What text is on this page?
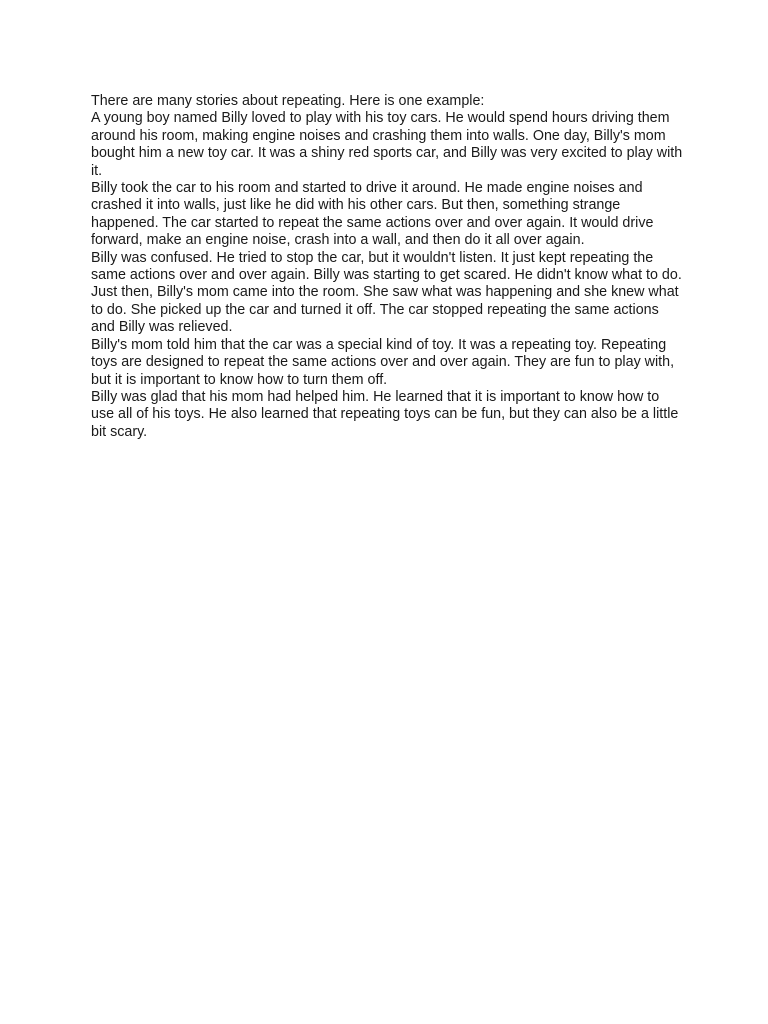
There are many stories about repeating. Here is one example:

A young boy named Billy loved to play with his toy cars. He would spend hours driving them around his room, making engine noises and crashing them into walls. One day, Billy's mom bought him a new toy car. It was a shiny red sports car, and Billy was very excited to play with it.

Billy took the car to his room and started to drive it around. He made engine noises and crashed it into walls, just like he did with his other cars. But then, something strange happened. The car started to repeat the same actions over and over again. It would drive forward, make an engine noise, crash into a wall, and then do it all over again.

Billy was confused. He tried to stop the car, but it wouldn't listen. It just kept repeating the same actions over and over again. Billy was starting to get scared. He didn't know what to do.

Just then, Billy's mom came into the room. She saw what was happening and she knew what to do. She picked up the car and turned it off. The car stopped repeating the same actions and Billy was relieved.

Billy's mom told him that the car was a special kind of toy. It was a repeating toy. Repeating toys are designed to repeat the same actions over and over again. They are fun to play with, but it is important to know how to turn them off.

Billy was glad that his mom had helped him. He learned that it is important to know how to use all of his toys. He also learned that repeating toys can be fun, but they can also be a little bit scary.
